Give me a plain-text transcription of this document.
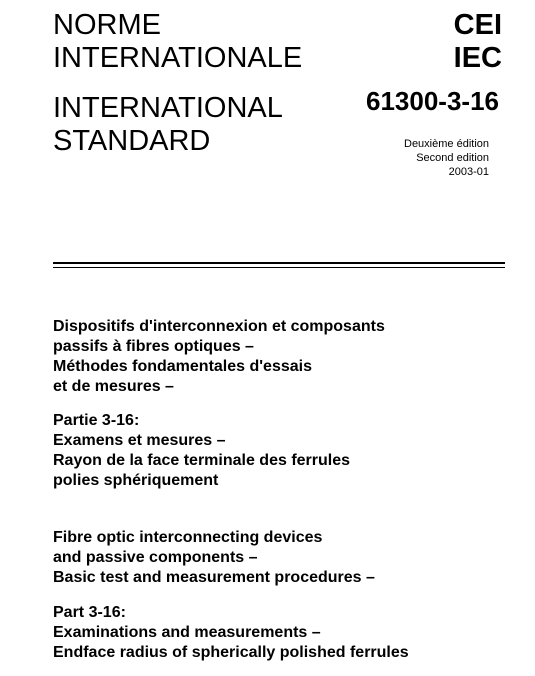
NORME
INTERNATIONALE
INTERNATIONAL
STANDARD
CEI
IEC
61300-3-16
Deuxième édition
Second edition
2003-01
Dispositifs d'interconnexion et composants
passifs à fibres optiques –
Méthodes fondamentales d'essais
et de mesures –
Partie 3-16:
Examens et mesures –
Rayon de la face terminale des ferrules
polies sphériquement
Fibre optic interconnecting devices
and passive components –
Basic test and measurement procedures –
Part 3-16:
Examinations and measurements –
Endface radius of spherically polished ferrules
